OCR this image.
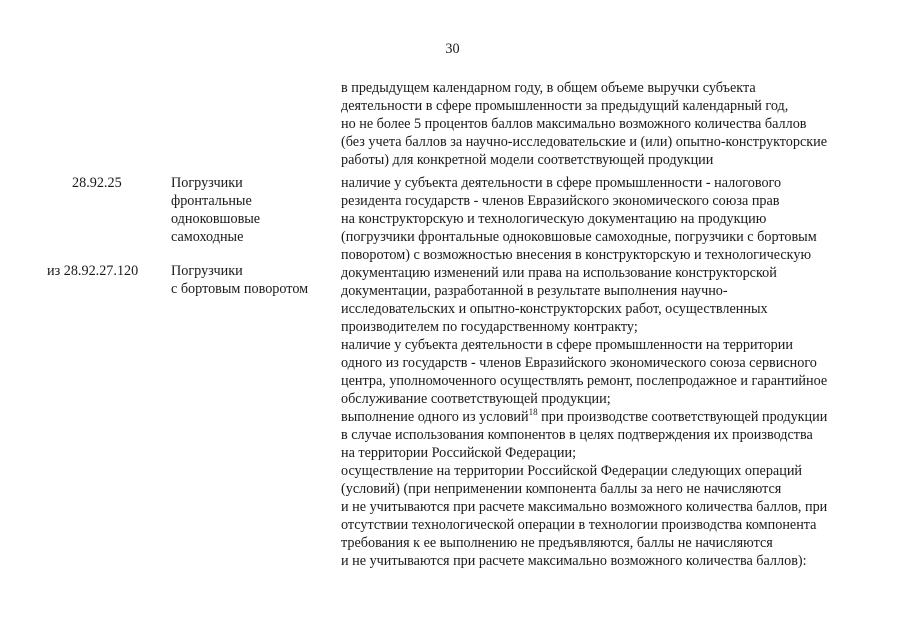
30
в предыдущем календарном году, в общем объеме выручки субъекта
деятельности в сфере промышленности за предыдущий календарный год,
но не более 5 процентов баллов максимально возможного количества баллов
(без учета баллов за научно-исследовательские и (или) опытно-конструкторские
работы) для конкретной модели соответствующей продукции
28.92.25	Погрузчики
фронтальные
одноковшовые
самоходные
из 28.92.27.120 Погрузчики
с бортовым поворотом
наличие у субъекта деятельности в сфере промышленности - налогового
резидента государств - членов Евразийского экономического союза прав
на конструкторскую и технологическую документацию на продукцию
(погрузчики фронтальные одноковшовые самоходные, погрузчики с бортовым
поворотом) с возможностью внесения в конструкторскую и технологическую
документацию изменений или права на использование конструкторской
документации, разработанной в результате выполнения научно-
исследовательских и опытно-конструкторских работ, осуществленных
производителем по государственному контракту;
наличие у субъекта деятельности в сфере промышленности на территории
одного из государств - членов Евразийского экономического союза сервисного
центра, уполномоченного осуществлять ремонт, послепродажное и гарантийное
обслуживание соответствующей продукции;
выполнение одного из условий$^{18}$ при производстве соответствующей продукции
в случае использования компонентов в целях подтверждения их производства
на территории Российской Федерации;
осуществление на территории Российской Федерации следующих операций
(условий) (при неприменении компонента баллы за него не начисляются
и не учитываются при расчете максимально возможного количества баллов, при
отсутствии технологической операции в технологии производства компонента
требования к ее выполнению не предъявляются, баллы не начисляются
и не учитываются при расчете максимально возможного количества баллов):
